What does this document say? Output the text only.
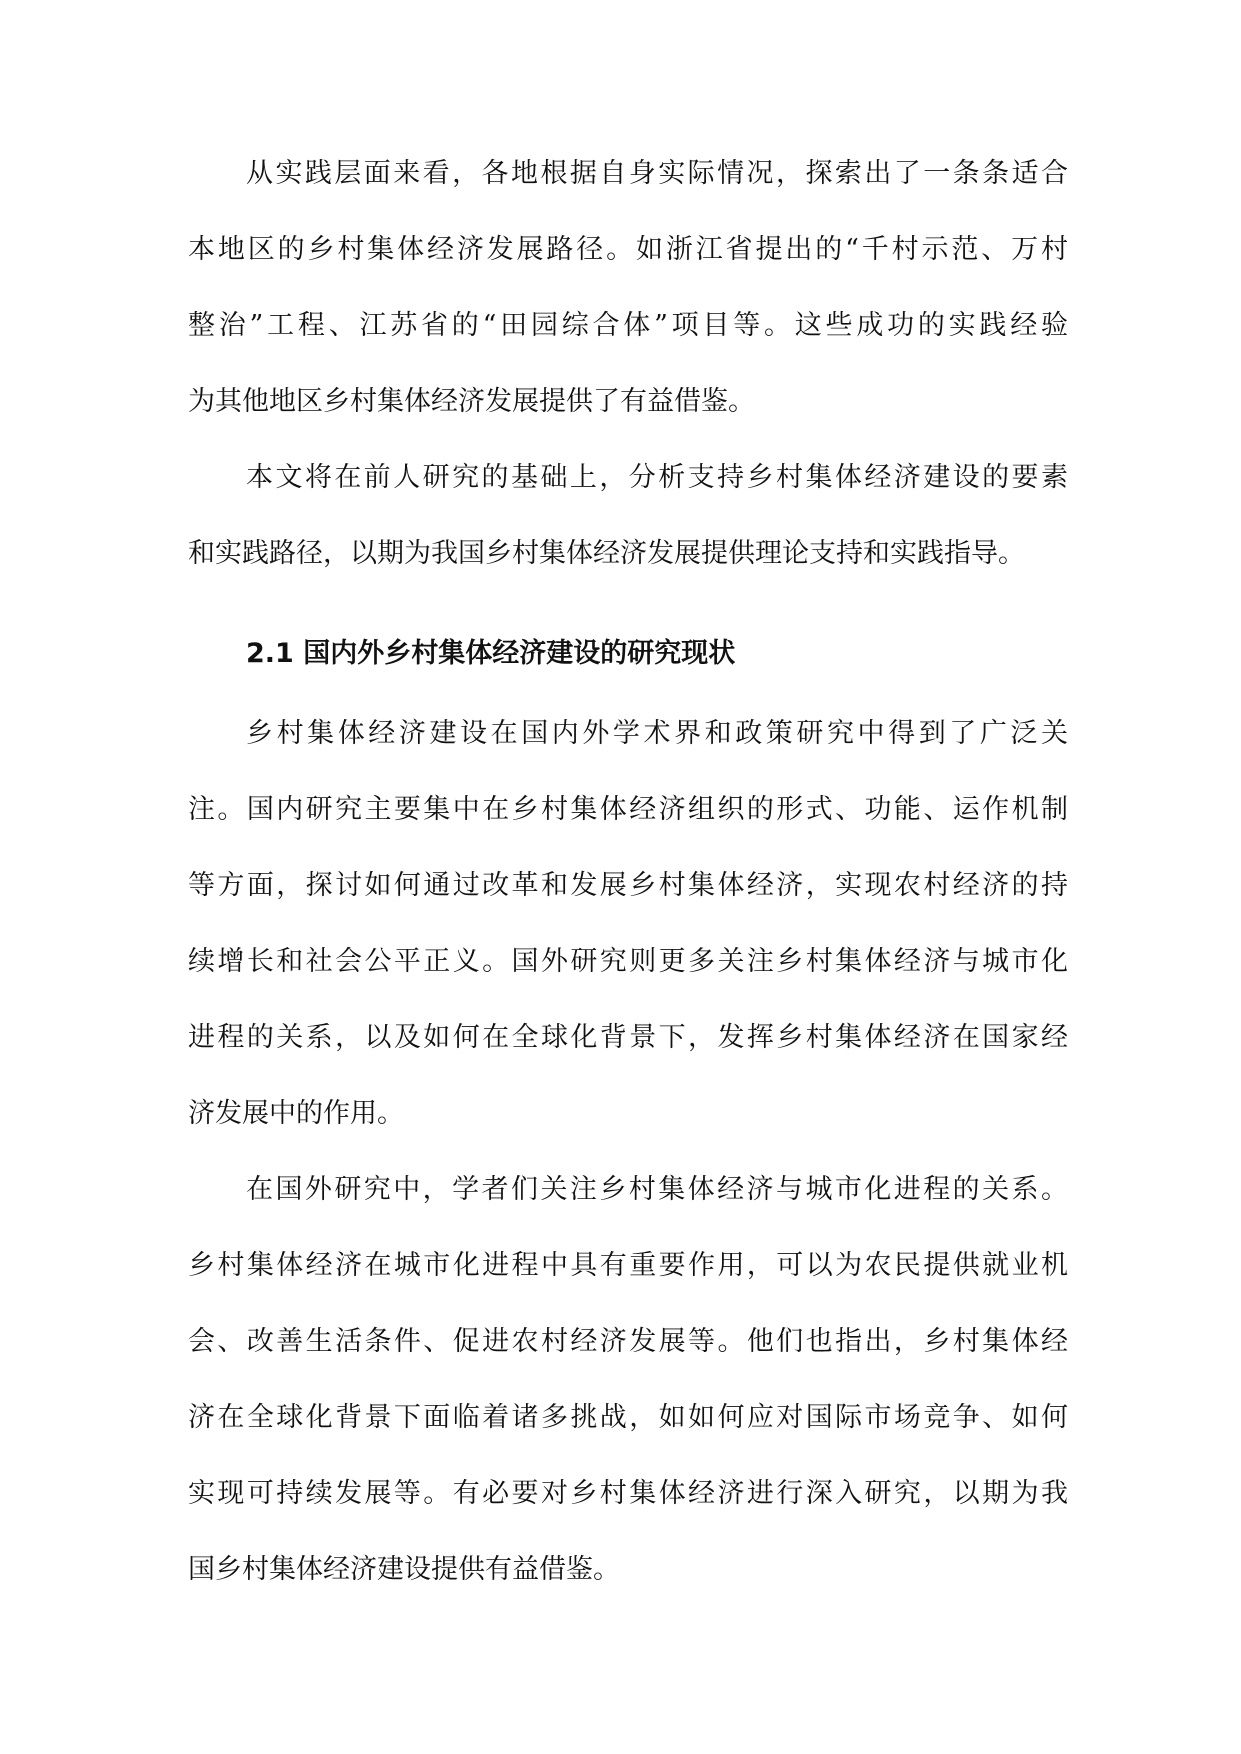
从实践层面来看，各地根据自身实际情况，探索出了一条条适合
本地区的乡村集体经济发展路径。如浙江省提出的“千村示范、万村
整治”工程、江苏省的“田园综合体”项目等。这些成功的实践经验
为其他地区乡村集体经济发展提供了有益借鉴。
本文将在前人研究的基础上，分析支持乡村集体经济建设的要素
和实践路径，以期为我国乡村集体经济发展提供理论支持和实践指导。
2.1 国内外乡村集体经济建设的研究现状
乡村集体经济建设在国内外学术界和政策研究中得到了广泛关
注。国内研究主要集中在乡村集体经济组织的形式、功能、运作机制
等方面，探讨如何通过改革和发展乡村集体经济，实现农村经济的持
续增长和社会公平正义。国外研究则更多关注乡村集体经济与城市化
进程的关系，以及如何在全球化背景下，发挥乡村集体经济在国家经
济发展中的作用。
在国外研究中，学者们关注乡村集体经济与城市化进程的关系。
乡村集体经济在城市化进程中具有重要作用，可以为农民提供就业机
会、改善生活条件、促进农村经济发展等。他们也指出，乡村集体经
济在全球化背景下面临着诸多挑战，如如何应对国际市场竞争、如何
实现可持续发展等。有必要对乡村集体经济进行深入研究，以期为我
国乡村集体经济建设提供有益借鉴。
